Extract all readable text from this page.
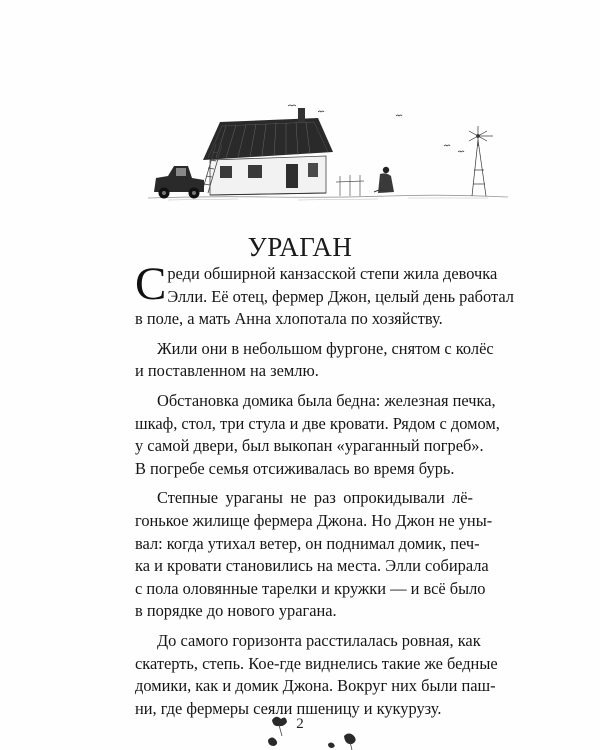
УРАГАН
С реди обширной канзасской степи жила девочка
Элли. Её отец, фермер Джон, целый день работал
в поле, а мать Анна хлопотала по хозяйству.
Жили они в небольшом фургоне, снятом с колёс
и поставленном на землю.
Обстановка домика была бедна: железная печка,
шкаф, стол, три стула и две кровати. Рядом с домом,
у самой двери, был выкопан «ураганный погреб».
В погребе семья отсиживалась во время бурь.
Степные ураганы не раз опрокидывали лё-
гонькое жилище фермера Джона. Но Джон не уны-
вал: когда утихал ветер, он поднимал домик, печ-
ка и кровати становились на места. Элли собирала
с пола оловянные тарелки и кружки — и всё было
в порядке до нового урагана.
До самого горизонта расстилалась ровная, как
скатерть, степь. Кое-где виднелись такие же бедные
домики, как и домик Джона. Вокруг них были паш-
ни, где фермеры сеяли пшеницу и кукурузу.
2
